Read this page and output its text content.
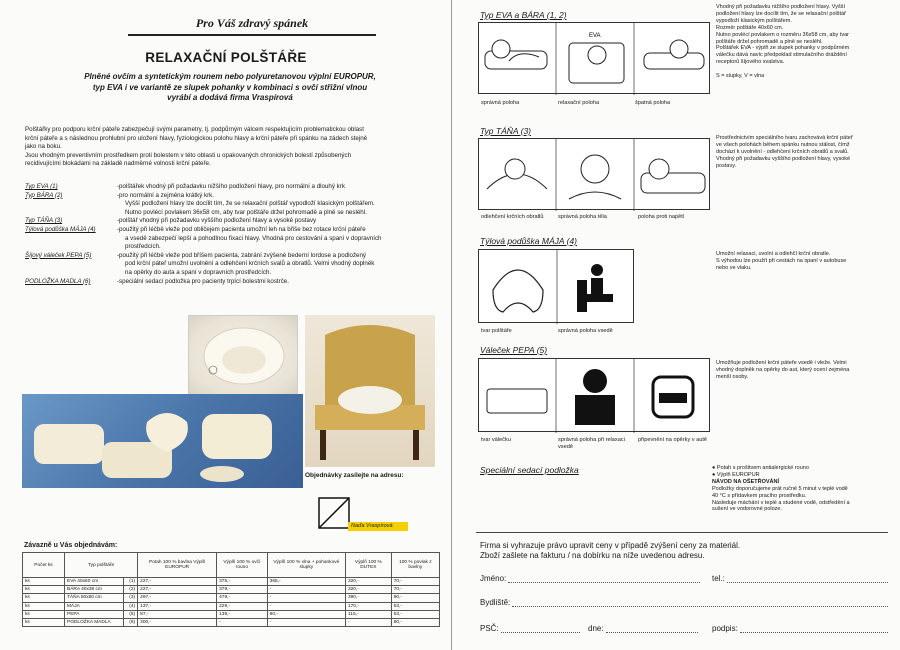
Pro Váš zdravý spánek
RELAXAČNÍ POLŠTÁŘE
Plněné ovčím a syntetickým rounem nebo polyuretanovou výplní EUROPUR,
typ EVA i ve variantě ze slupek pohanky v kombinaci s ovčí střižní vlnou
vyrábí a dodává firma Vraspírová

Polštářky pro podporu krční páteře zabezpečují svými parametry, tj. podpůrným válcem respektujícím problematickou oblast

krční páteře a s následnou prohlubní pro uložení hlavy, fyziologickou polohu hlavy a krční páteře při spánku na zádech stejně

jako na boku.

Jsou vhodným preventivním prostředkem proti bolestem v této oblasti u opakovaných chronických bolestí způsobených

recidivujícími blokádami na základě nadměrné volnosti krční páteře.

Typ EVA (1)	-polštářek vhodný při požadavku nižšího podložení hlavy, pro normální a dlouhý krk
Typ BÁRA (2)	-pro normální a zejména krátký krk.
Vyšší podložení hlavy lze docílit tím, že se relaxační polštář vypodloží klasickým polštářem.
Nutno povlécí povlakem 36x58 cm, aby tvar polštáře držel pohromadě a plně se nesléhl.
Typ TÁŇA (3)	-polštář vhodný při požadavku vyššího podložení hlavy a vysoké postavy
Týlová podůška MÁJA (4)	-použitý při léčbě vleže pod obličejem pacienta umožní leh na břiše bez rotace krční páteře
a vsedě zabezpečí lepší a pohodlnou fixaci hlavy. Vhodná pro cestování a spaní v dopravních
prostředcích.
Šíjový váleček PEPA (5)	-použitý při léčbě vleže pod bříšem pacienta, zabrání zvýšené bederní lordose a podložený
pod krční páteř umožní uvolnění a odlehčení krčních svalů a obratlů. Velmi vhodný doplněk
na opěrky do auta a spaní v dopravních prostředcích.
PODLOŽKA MADLA (6)	-speciální sedací podložka pro pacienty trpící bolestmi kostrče.
Objednávky zasílejte na adresu:
Naďa Vraspírová
Závazně u Vás objednávám:
Počet ks	Typ polštáře		Potah 100 % bavlna Výplň EUROPUR	Výplň 100 % ovčí rouno	Výplň 100 % vlna + pohankové slupky	Výplň 100 % DUTEX	100 % povlak z bavlny
ks	EVA 40x60 cm	(1)	227,-	375,-	365,-	320,-	70,-
ks	BÁRA 40x36 cm	(2)	227,-	379,-	-	320,-	70,-
ks	TÁŇA 50x60 cm	(3)	297,-	479,-	-	390,-	90,-
ks	MÁJA	(4)	137,-	229,-	-	170,-	53,-
ks	PEPA	(5)	87,-	139,-	90,-	115,-	53,-
ks	PODLOŽKA MADLA	(6)	300,-	-	-	-	80,-
Typ EVA a BÁRA (1, 2)
EVA
správná poloha	relaxační poloha	špatná poloha
Vhodný při požadavku nižšího podložení hlavy. Vyšší
podložení hlavy lze docílit tím, že se relaxační polštář
vypodloží klasickým polštářem.
Rozměr polštáře 40x60 cm.
Nutno povlécí povlakem o rozměru 36x58 cm, aby tvar
polštáře držel pohromadě a plně se nesléhl.
Polštářek EVA - výplň ze slupek pohanky v podpůrném
válečku dává navíc předpoklad stimulačního dráždění
receptorů šíjového svalstva.
S = slupky, V = vlna
Typ TÁŇA (3)
odlehčení krčních obratlů	správná poloha těla	poloha proti napětí
Prostřednictvím speciálního tvaru zachovává krční páteř
ve všech polohách během spánku nutnou stálost, čímž
dochází k uvolnění - odlehčení krčních obratlů a svalů.
Vhodný při požadavku vyššího podložení hlavy, vysoké
postavy.
Týlová podůška MÁJA (4)
tvar polštáře	správná poloha vsedě
Umožní relaxaci, uvolní a odlehčí krční obratle.
S výhodou lze použít při cestách na spaní v autobuse
nebo ve vlaku.
Váleček PEPA (5)
tvar válečku	správná poloha při relaxaci vsedě
připevnění na opěrky v autě
Umožňuje podložení krční páteře vsedě i vleže. Velmi
vhodný doplněk na opěrky do aut, který ocení zejména
menší osoby.
Speciální sedací podložka	● Potah s prošitvem antialergické rouno
● Výplň EUROPUR
NÁVOD NA OŠETŘOVÁNÍ
Podložky doporučujeme prát ručně 5 minut v teplé vodě
40 °C s přídavkem pracího prostředku.
Následuje máchání v teplé a studené vodě, odstředění a
sušení ve vodorovné poloze.
Firma si vyhrazuje právo upravit ceny v případě zvýšení ceny za materiál.
Zboží zašlete na fakturu / na dobírku na níže uvedenou adresu.
Jméno:	tel.:
Bydliště:
PSČ:	dne:	podpis:
